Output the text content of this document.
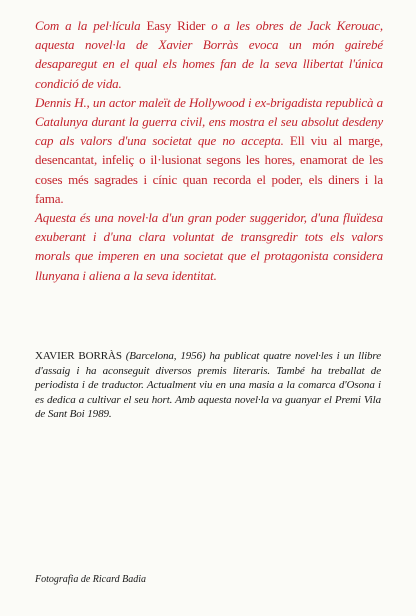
Com a la pel·lícula Easy Rider o a les obres de Jack Kerouac, aquesta novel·la de Xavier Borràs evoca un món gairebé desaparegut en el qual els homes fan de la seva llibertat l'única condició de vida.

Dennis H., un actor maleït de Hollywood i ex-brigadista republicà a Catalunya durant la guerra civil, ens mostra el seu absolut desdeny cap als valors d'una societat que no accepta. Ell viu al marge, desencantat, infeliç o il·lusionat segons les hores, enamorat de les coses més sagrades i cínic quan recorda el poder, els diners i la fama.

Aquesta és una novel·la d'un gran poder suggeridor, d'una fluïdesa exuberant i d'una clara voluntat de transgredir tots els valors morals que imperen en una societat que el protagonista considera llunyana i aliena a la seva identitat.

XAVIER BORRÀS (Barcelona, 1956) ha publicat quatre novel·les i un llibre d'assaig i ha aconseguit diversos premis literaris. També ha treballat de periodista i de traductor. Actualment viu en una masia a la comarca d'Osona i es dedica a cultivar el seu hort. Amb aquesta novel·la va guanyar el Premi Vila de Sant Boi 1989.
Fotografia de Ricard Badia
